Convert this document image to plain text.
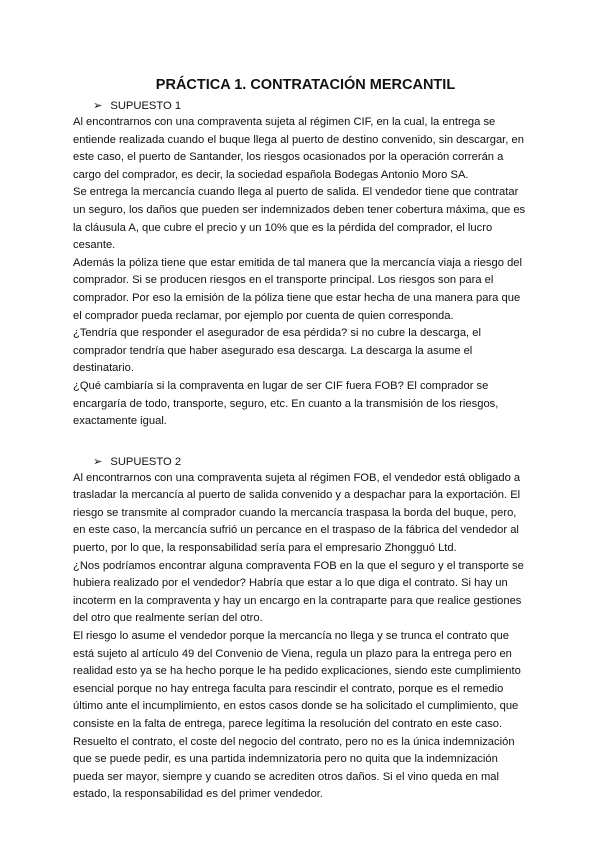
PRÁCTICA 1. CONTRATACIÓN MERCANTIL
➢ SUPUESTO 1

Al encontrarnos con una compraventa sujeta al régimen CIF, en la cual, la entrega se entiende realizada cuando el buque llega al puerto de destino convenido, sin descargar, en este caso, el puerto de Santander, los riesgos ocasionados por la operación correrán a cargo del comprador, es decir, la sociedad española Bodegas Antonio Moro SA.

Se entrega la mercancía cuando llega al puerto de salida. El vendedor tiene que contratar un seguro, los daños que pueden ser indemnizados deben tener cobertura máxima, que es la cláusula A, que cubre el precio y un 10% que es la pérdida del comprador, el lucro cesante.

Además la póliza tiene que estar emitida de tal manera que la mercancía viaja a riesgo del comprador. Si se producen riesgos en el transporte principal. Los riesgos son para el comprador. Por eso la emisión de la póliza tiene que estar hecha de una manera para que el comprador pueda reclamar, por ejemplo por cuenta de quien corresponda.

¿Tendría que responder el asegurador de esa pérdida? si no cubre la descarga, el comprador tendría que haber asegurado esa descarga. La descarga la asume el destinatario.

¿Qué cambiaría si la compraventa en lugar de ser CIF fuera FOB? El comprador se encargaría de todo, transporte, seguro, etc. En cuanto a la transmisión de los riesgos, exactamente igual.

➢ SUPUESTO 2

Al encontrarnos con una compraventa sujeta al régimen FOB, el vendedor está obligado a trasladar la mercancía al puerto de salida convenido y a despachar para la exportación. El riesgo se transmite al comprador cuando la mercancía traspasa la borda del buque, pero, en este caso, la mercancía sufrió un percance en el traspaso de la fábrica del vendedor al puerto, por lo que, la responsabilidad sería para el empresario Zhongguó Ltd.

¿Nos podríamos encontrar alguna compraventa FOB en la que el seguro y el transporte se hubiera realizado por el vendedor? Habría que estar a lo que diga el contrato. Si hay un incoterm en la compraventa y hay un encargo en la contraparte para que realice gestiones del otro que realmente serían del otro.

El riesgo lo asume el vendedor porque la mercancía no llega y se trunca el contrato que está sujeto al artículo 49 del Convenio de Viena, regula un plazo para la entrega pero en realidad esto ya se ha hecho porque le ha pedido explicaciones, siendo este cumplimiento esencial porque no hay entrega faculta para rescindir el contrato, porque es el remedio último ante el incumplimiento, en estos casos donde se ha solicitado el cumplimiento, que consiste en la falta de entrega, parece legítima la resolución del contrato en este caso.

Resuelto el contrato, el coste del negocio del contrato, pero no es la única indemnización que se puede pedir, es una partida indemnizatoria pero no quita que la indemnización pueda ser mayor, siempre y cuando se acrediten otros daños. Si el vino queda en mal estado, la responsabilidad es del primer vendedor.
